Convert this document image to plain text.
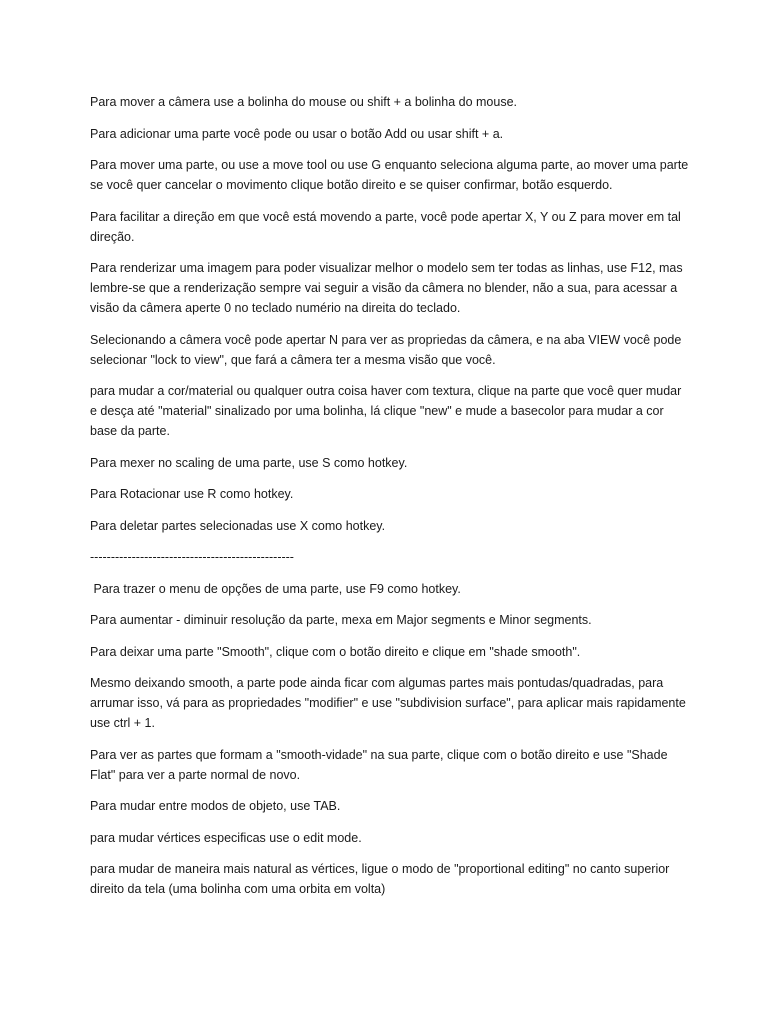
Para mover a câmera use a bolinha do mouse ou shift + a bolinha do mouse.

Para adicionar uma parte você pode ou usar o botão Add ou usar shift + a.

Para mover uma parte, ou use a move tool ou use G enquanto seleciona alguma parte, ao mover uma parte se você quer cancelar o movimento clique botão direito e se quiser confirmar, botão esquerdo.

Para facilitar a direção em que você está movendo a parte, você pode apertar X, Y ou Z para mover em tal direção.

Para renderizar uma imagem para poder visualizar melhor o modelo sem ter todas as linhas, use F12, mas lembre-se que a renderização sempre vai seguir a visão da câmera no blender, não a sua, para acessar a visão da câmera aperte 0 no teclado numério na direita do teclado.

Selecionando a câmera você pode apertar N para ver as propriedas da câmera, e na aba VIEW você pode selecionar "lock to view", que fará a câmera ter a mesma visão que você.

para mudar a cor/material ou qualquer outra coisa haver com textura, clique na parte que você quer mudar e desça até "material" sinalizado por uma bolinha, lá clique "new" e mude a basecolor para mudar a cor base da parte.

Para mexer no scaling de uma parte, use S como hotkey.

Para Rotacionar use R como hotkey.

Para deletar partes selecionadas use X como hotkey.

-------------------------------------------------

Para trazer o menu de opções de uma parte, use F9 como hotkey.

Para aumentar - diminuir resolução da parte, mexa em Major segments e Minor segments.

Para deixar uma parte "Smooth", clique com o botão direito e clique em "shade smooth".

Mesmo deixando smooth, a parte pode ainda ficar com algumas partes mais pontudas/quadradas, para arrumar isso, vá para as propriedades "modifier" e use "subdivision surface", para aplicar mais rapidamente use ctrl + 1.

Para ver as partes que formam a "smooth-vidade" na sua parte, clique com o botão direito e use "Shade Flat" para ver a parte normal de novo.

Para mudar entre modos de objeto, use TAB.

para mudar vértices especificas use o edit mode.

para mudar de maneira mais natural as vértices, ligue o modo de "proportional editing" no canto superior direito da tela (uma bolinha com uma orbita em volta)
